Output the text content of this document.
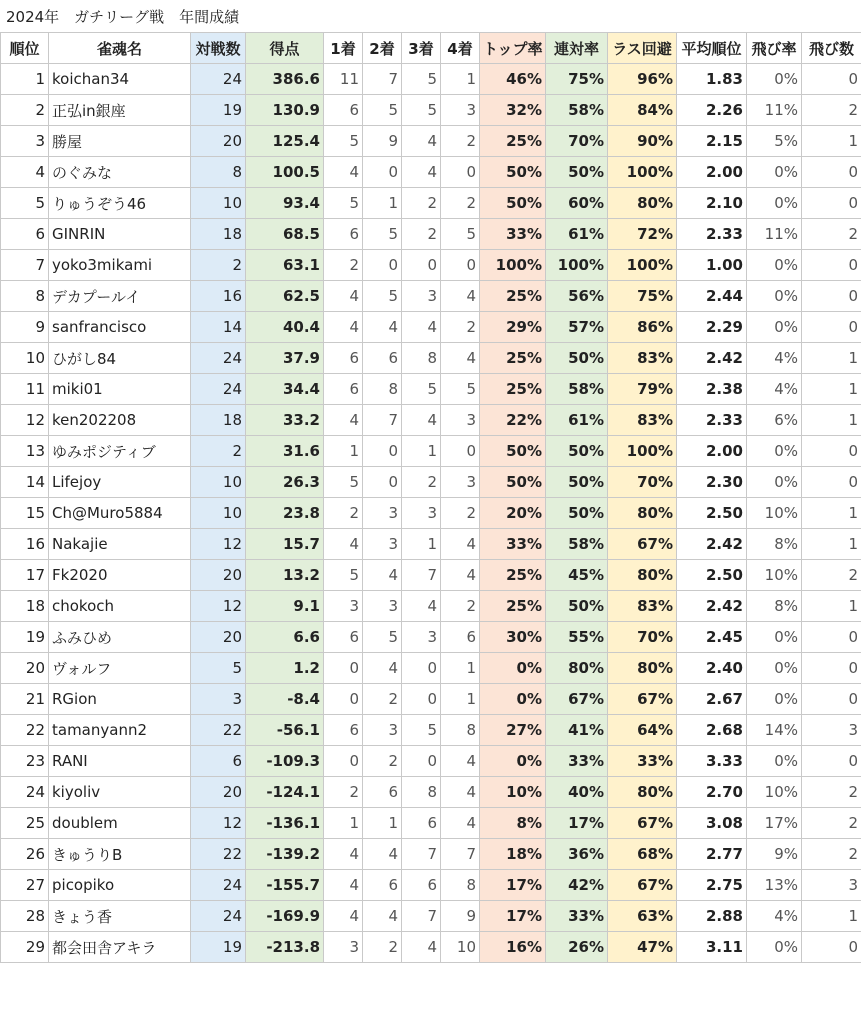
2024年　ガチリーグ戦　年間成績
順位	雀魂名	対戦数	得点	1着	2着	3着	4着	トップ率	連対率	ラス回避	平均順位	飛び率	飛び数
1	koichan34	24	386.6	11	7	5	1	46%	75%	96%	1.83	0%	0
2	正弘in銀座	19	130.9	6	5	5	3	32%	58%	84%	2.26	11%	2
3	勝屋	20	125.4	5	9	4	2	25%	70%	90%	2.15	5%	1
4	のぐみな	8	100.5	4	0	4	0	50%	50%	100%	2.00	0%	0
5	りゅうぞう46	10	93.4	5	1	2	2	50%	60%	80%	2.10	0%	0
6	GINRIN	18	68.5	6	5	2	5	33%	61%	72%	2.33	11%	2
7	yoko3mikami	2	63.1	2	0	0	0	100%	100%	100%	1.00	0%	0
8	デカプールイ	16	62.5	4	5	3	4	25%	56%	75%	2.44	0%	0
9	sanfrancisco	14	40.4	4	4	4	2	29%	57%	86%	2.29	0%	0
10	ひがし84	24	37.9	6	6	8	4	25%	50%	83%	2.42	4%	1
11	miki01	24	34.4	6	8	5	5	25%	58%	79%	2.38	4%	1
12	ken202208	18	33.2	4	7	4	3	22%	61%	83%	2.33	6%	1
13	ゆみポジティブ	2	31.6	1	0	1	0	50%	50%	100%	2.00	0%	0
14	Lifejoy	10	26.3	5	0	2	3	50%	50%	70%	2.30	0%	0
15	Ch@Muro5884	10	23.8	2	3	3	2	20%	50%	80%	2.50	10%	1
16	Nakajie	12	15.7	4	3	1	4	33%	58%	67%	2.42	8%	1
17	Fk2020	20	13.2	5	4	7	4	25%	45%	80%	2.50	10%	2
18	chokoch	12	9.1	3	3	4	2	25%	50%	83%	2.42	8%	1
19	ふみひめ	20	6.6	6	5	3	6	30%	55%	70%	2.45	0%	0
20	ヴォルフ	5	1.2	0	4	0	1	0%	80%	80%	2.40	0%	0
21	RGion	3	-8.4	0	2	0	1	0%	67%	67%	2.67	0%	0
22	tamanyann2	22	-56.1	6	3	5	8	27%	41%	64%	2.68	14%	3
23	RANI	6	-109.3	0	2	0	4	0%	33%	33%	3.33	0%	0
24	kiyoliv	20	-124.1	2	6	8	4	10%	40%	80%	2.70	10%	2
25	doublem	12	-136.1	1	1	6	4	8%	17%	67%	3.08	17%	2
26	きゅうりB	22	-139.2	4	4	7	7	18%	36%	68%	2.77	9%	2
27	picopiko	24	-155.7	4	6	6	8	17%	42%	67%	2.75	13%	3
28	きょう香	24	-169.9	4	4	7	9	17%	33%	63%	2.88	4%	1
29	都会田舎アキラ	19	-213.8	3	2	4	10	16%	26%	47%	3.11	0%	0
